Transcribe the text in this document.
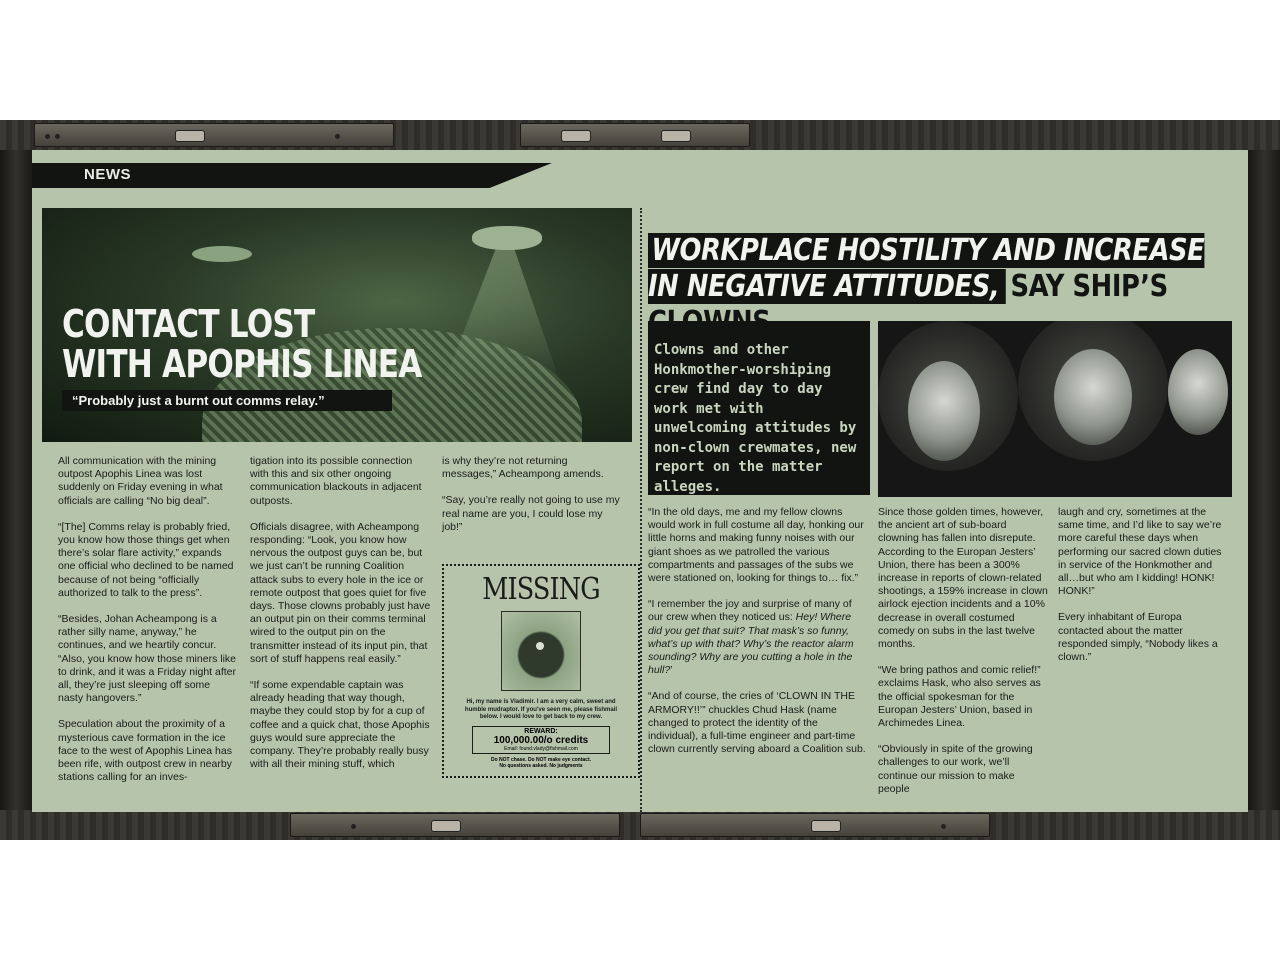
NEWS
CONTACT LOST
WITH APOPHIS LINEA
“Probably just a burnt out comms relay.”

All communication with the mining outpost Apophis Linea was lost suddenly on Friday evening in what officials are calling “No big deal”.

“[The] Comms relay is probably fried, you know how those things get when there’s solar flare activity,” expands one official who declined to be named because of not being “officially authorized to talk to the press”.

“Besides, Johan Acheampong is a rather silly name, anyway,” he continues, and we heartily concur. “Also, you know how those miners like to drink, and it was a Friday night after all, they’re just sleeping off some nasty hangovers.”

Speculation about the proximity of a mysterious cave formation in the ice face to the west of Apophis Linea has been rife, with outpost crew in nearby stations calling for an inves-

tigation into its possible connection with this and six other ongoing communication blackouts in adjacent outposts.

Officials disagree, with Acheampong responding: “Look, you know how nervous the outpost guys can be, but we just can’t be running Coalition attack subs to every hole in the ice or remote outpost that goes quiet for five days. Those clowns probably just have an output pin on their comms terminal wired to the output pin on the transmitter instead of its input pin, that sort of stuff happens real easily.”

“If some expendable captain was already heading that way though, maybe they could stop by for a cup of coffee and a quick chat, those Apophis guys would sure appreciate the company. They’re probably really busy with all their mining stuff, which

is why they’re not returning messages,” Acheampong amends.

“Say, you’re really not going to use my real name are you, I could lose my job!”

MISSING
Hi, my name is Vladimir. I am a very calm, sweet and humble mudraptor. If you've seen me, please fishmail below. I would love to get back to my crew.
REWARD:
100,000.00/o credits
Email: found.vlady@fishmail.com
Do NOT chase. Do NOT make eye contact.
No questions asked. No judgments
WORKPLACE HOSTILITY AND INCREASE IN NEGATIVE ATTITUDES, SAY SHIP’S
Clowns and other Honkmother-worshiping crew find day to day work met with unwelcoming attitudes by non-clown crewmates, new report on the matter alleges.

“In the old days, me and my fellow clowns would work in full costume all day, honking our little horns and making funny noises with our giant shoes as we patrolled the various compartments and passages of the subs we were stationed on, looking for things to… fix.”

“I remember the joy and surprise of many of our crew when they noticed us: Hey! Where did you get that suit? That mask’s so funny, what’s up with that? Why’s the reactor alarm sounding? Why are you cutting a hole in the hull?’

“And of course, the cries of ‘CLOWN IN THE ARMORY!!’” chuckles Chud Hask (name changed to protect the identity of the individual), a full-time engineer and part-time clown currently serving aboard a Coalition sub.

Since those golden times, however, the ancient art of sub-board clowning has fallen into disrepute. According to the Europan Jesters’ Union, there has been a 300% increase in reports of clown-related shootings, a 159% increase in clown airlock ejection incidents and a 10% decrease in overall costumed comedy on subs in the last twelve months.

“We bring pathos and comic relief!” exclaims Hask, who also serves as the official spokesman for the Europan Jesters’ Union, based in Archimedes Linea.

“Obviously in spite of the growing challenges to our work, we’ll continue our mission to make people

laugh and cry, sometimes at the same time, and I’d like to say we’re more careful these days when performing our sacred clown duties in service of the Honkmother and all…but who am I kidding! HONK! HONK!”

Every inhabitant of Europa contacted about the matter responded simply, “Nobody likes a clown.”
